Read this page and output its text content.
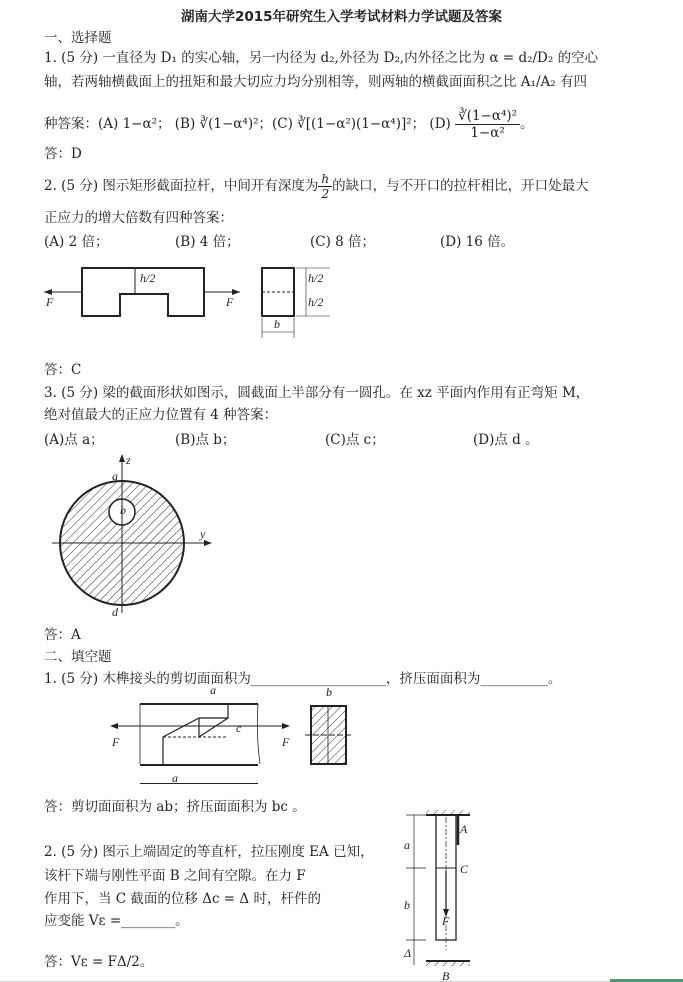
湖南大学2015年研究生入学考试材料力学试题及答案
一、选择题
1. (5 分) 一直径为 D₁ 的实心轴，另一内径为 d₂,外径为 D₂,内外径之比为 α = d₂/D₂ 的空心
轴，若两轴横截面上的扭矩和最大切应力均分别相等，则两轴的横截面面积之比 A₁/A₂ 有四
种答案：(A) 1−α²； (B) ∛(1−α⁴)²；(C) ∛[(1−α²)(1−α⁴)]²； $(D) \frac{\text{∛(1−α⁴)²}}{\text{1−α²}}$ 。
答：D
2. (5 分) 图示矩形截面拉杆，中间开有深度为 $\frac{h}{2}$ 的缺口，与不开口的拉杆相比，开口处最大
正应力的增大倍数有四种答案：
(A) 2 倍；	(B) 4 倍；	(C) 8 倍；	(D) 16 倍。
F	F
h/2	h/2
h/2
b
答：C
3. (5 分) 梁的截面形状如图示，圆截面上半部分有一圆孔。在 xz 平面内作用有正弯矩 M，
绝对值最大的正应力位置有 4 种答案：
(A)点 a；	(B)点 b；	(C)点 c；	(D)点 d 。
z
y
a
b
d
答：A
二、填空题
1. (5 分) 木榫接头的剪切面面积为____________________，挤压面面积为__________。
F	F
a
a
c
b
答：剪切面面积为 ab；挤压面面积为 bc 。
2. (5 分) 图示上端固定的等直杆，拉压刚度 EA 已知，
该杆下端与刚性平面 B 之间有空隙。在力 F
作用下，当 C 截面的位移 Δc = Δ 时，杆件的
应变能 Vε =________。
答：Vε = FΔ/2。
A
C
F
a
b
Δ
B
